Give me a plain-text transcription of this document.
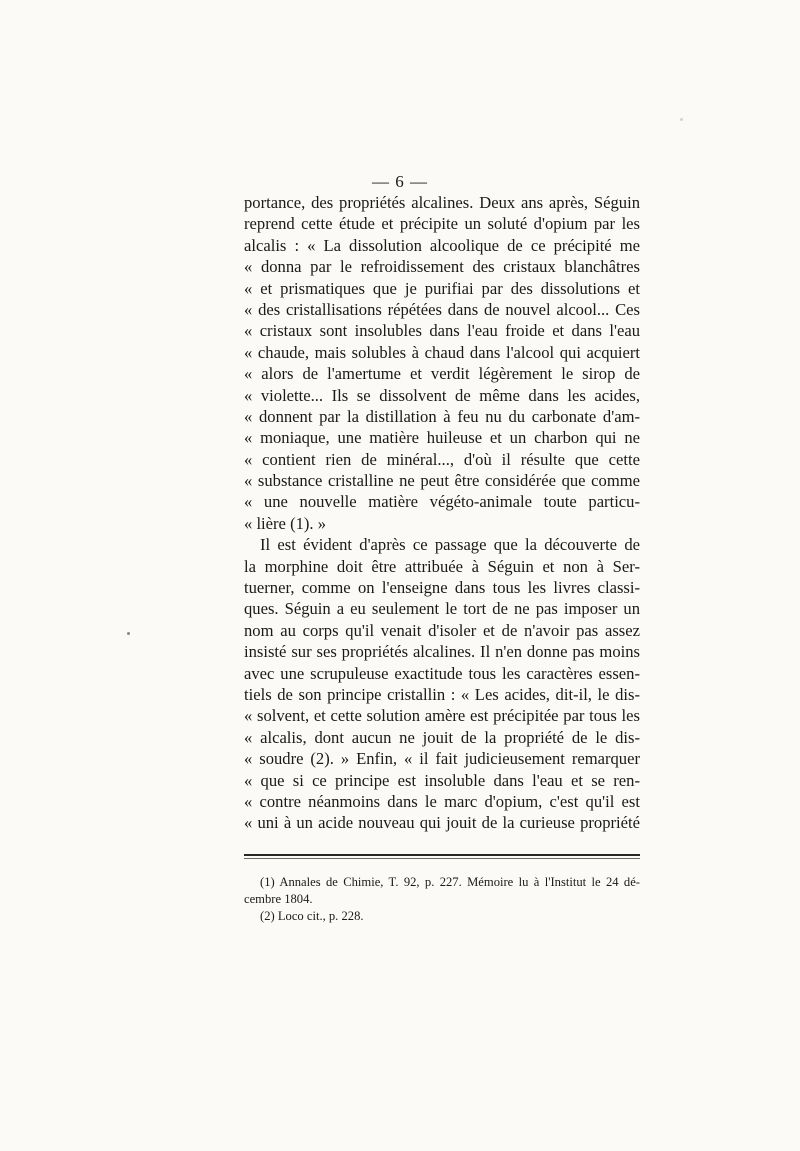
— 6 —
portance, des propriétés alcalines. Deux ans après, Séguin
reprend cette étude et précipite un soluté d'opium par les
alcalis : « La dissolution alcoolique de ce précipité me
« donna par le refroidissement des cristaux blanchâtres
« et prismatiques que je purifiai par des dissolutions et
« des cristallisations répétées dans de nouvel alcool... Ces
« cristaux sont insolubles dans l'eau froide et dans l'eau
« chaude, mais solubles à chaud dans l'alcool qui acquiert
« alors de l'amertume et verdit légèrement le sirop de
« violette... Ils se dissolvent de même dans les acides,
« donnent par la distillation à feu nu du carbonate d'am-
« moniaque, une matière huileuse et un charbon qui ne
« contient rien de minéral..., d'où il résulte que cette
« substance cristalline ne peut être considérée que comme
« une nouvelle matière végéto-animale toute particu-
« lière (1). »
Il est évident d'après ce passage que la découverte de
la morphine doit être attribuée à Séguin et non à Ser-
tuerner, comme on l'enseigne dans tous les livres classi-
ques. Séguin a eu seulement le tort de ne pas imposer un
nom au corps qu'il venait d'isoler et de n'avoir pas assez
insisté sur ses propriétés alcalines. Il n'en donne pas moins
avec une scrupuleuse exactitude tous les caractères essen-
tiels de son principe cristallin : « Les acides, dit-il, le dis-
« solvent, et cette solution amère est précipitée par tous les
« alcalis, dont aucun ne jouit de la propriété de le dis-
« soudre (2). » Enfin, « il fait judicieusement remarquer
« que si ce principe est insoluble dans l'eau et se ren-
« contre néanmoins dans le marc d'opium, c'est qu'il est
« uni à un acide nouveau qui jouit de la curieuse propriété
(1) Annales de Chimie, T. 92, p. 227. Mémoire lu à l'Institut le 24 dé-
cembre 1804.
(2) Loco cit., p. 228.
